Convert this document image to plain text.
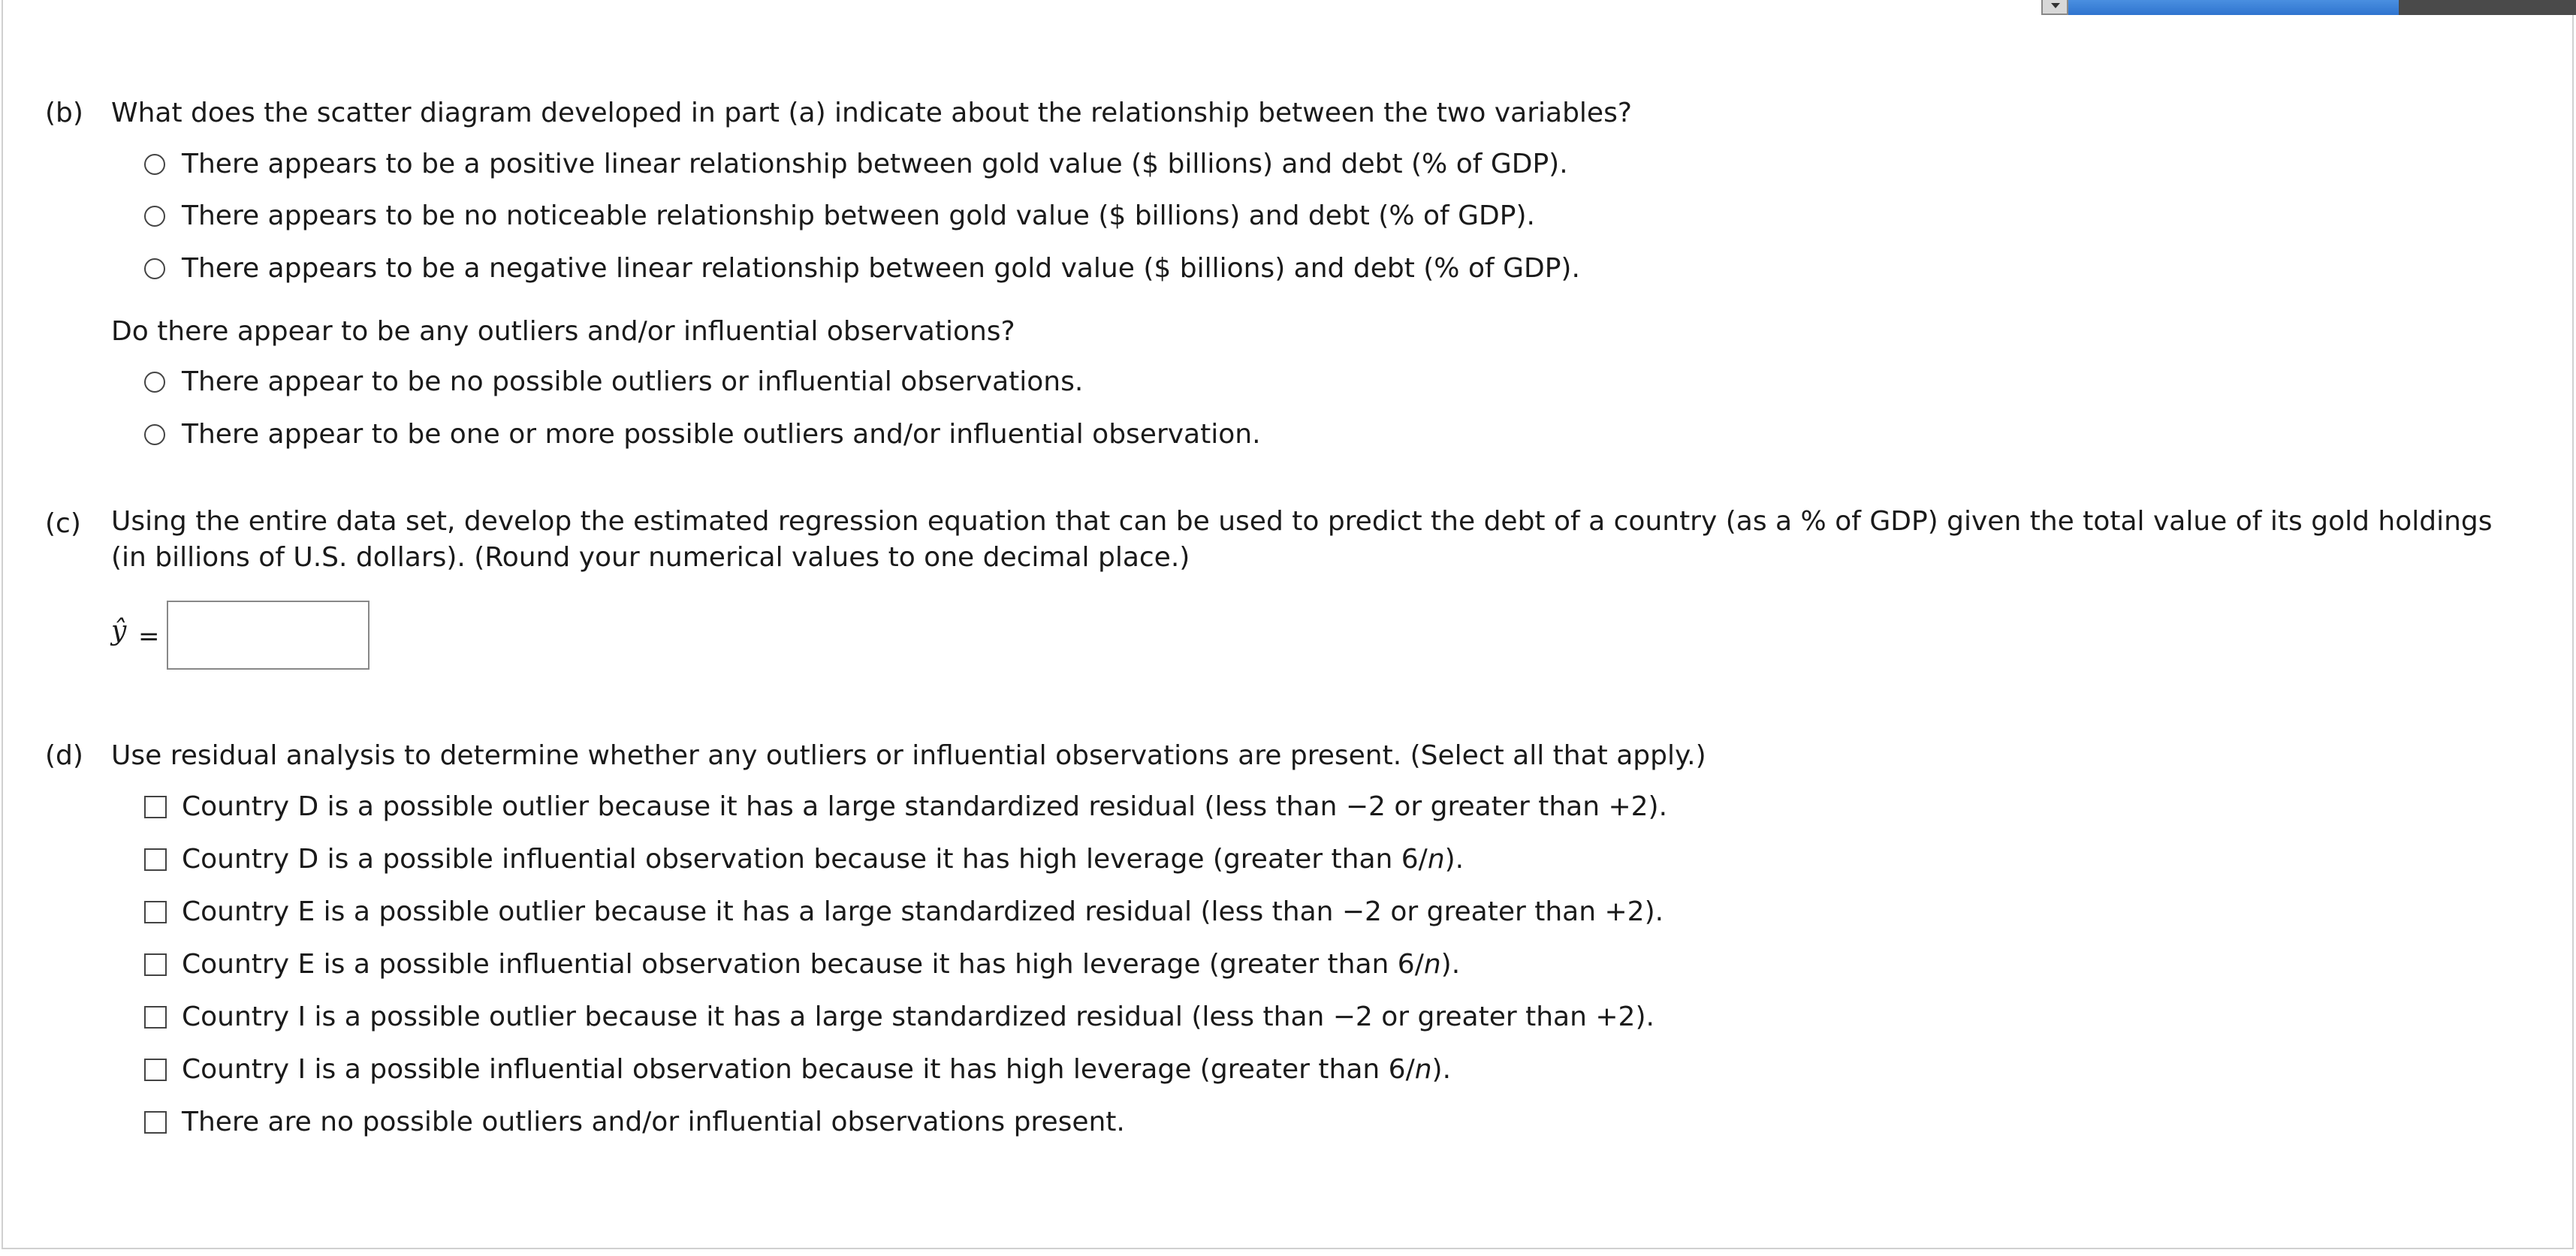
(b) What does the scatter diagram developed in part (a) indicate about the relationship between the two variables?
There appears to be a positive linear relationship between gold value ($ billions) and debt (% of GDP).
There appears to be no noticeable relationship between gold value ($ billions) and debt (% of GDP).
There appears to be a negative linear relationship between gold value ($ billions) and debt (% of GDP).
Do there appear to be any outliers and/or influential observations?
There appear to be no possible outliers or influential observations.
There appear to be one or more possible outliers and/or influential observation.
(c) Using the entire data set, develop the estimated regression equation that can be used to predict the debt of a country (as a % of GDP) given the total value of its gold holdings (in billions of U.S. dollars). (Round your numerical values to one decimal place.)
ŷ =
(d) Use residual analysis to determine whether any outliers or influential observations are present. (Select all that apply.)
Country D is a possible outlier because it has a large standardized residual (less than −2 or greater than +2).
Country D is a possible influential observation because it has high leverage (greater than 6/n).
Country E is a possible outlier because it has a large standardized residual (less than −2 or greater than +2).
Country E is a possible influential observation because it has high leverage (greater than 6/n).
Country I is a possible outlier because it has a large standardized residual (less than −2 or greater than +2).
Country I is a possible influential observation because it has high leverage (greater than 6/n).
There are no possible outliers and/or influential observations present.
